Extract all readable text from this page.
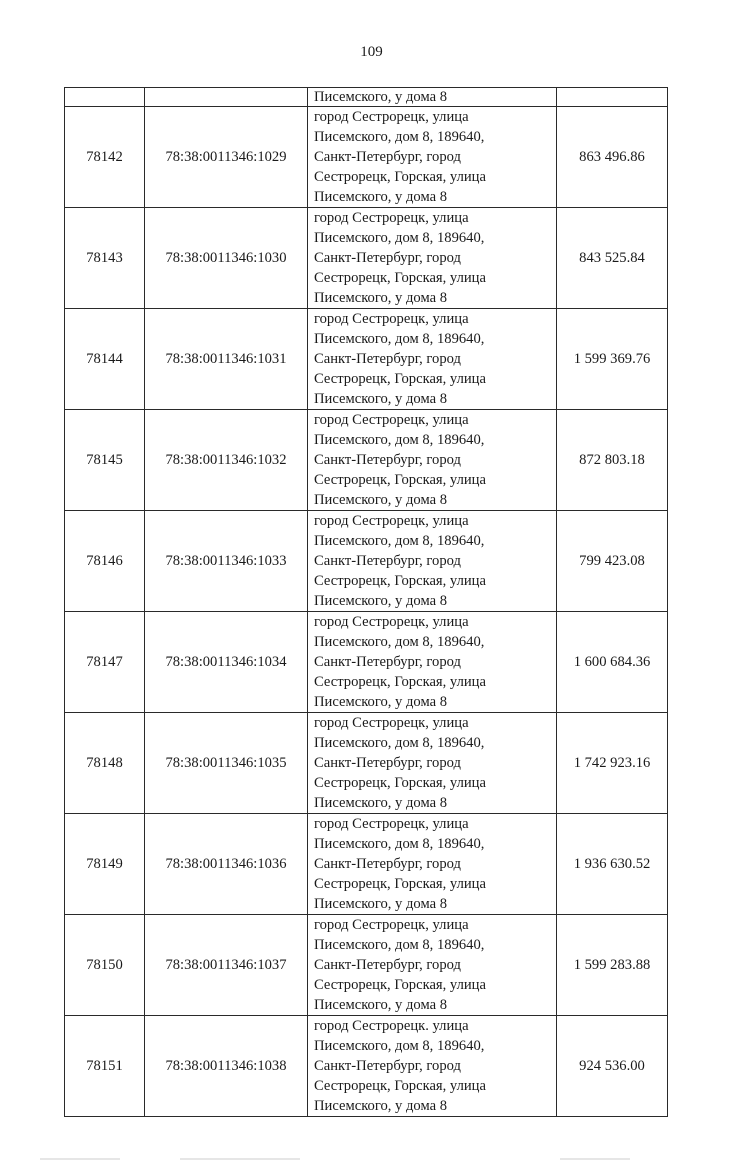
109
		Писемского, у дома 8	
78142	78:38:0011346:1029	город Сестрорецк, улица
Писемского, дом 8, 189640,
Санкт-Петербург, город
Сестрорецк, Горская, улица
Писемского, у дома 8	863 496.86
78143	78:38:0011346:1030	город Сестрорецк, улица
Писемского, дом 8, 189640,
Санкт-Петербург, город
Сестрорецк, Горская, улица
Писемского, у дома 8	843 525.84
78144	78:38:0011346:1031	город Сестрорецк, улица
Писемского, дом 8, 189640,
Санкт-Петербург, город
Сестрорецк, Горская, улица
Писемского, у дома 8	1 599 369.76
78145	78:38:0011346:1032	город Сестрорецк, улица
Писемского, дом 8, 189640,
Санкт-Петербург, город
Сестрорецк, Горская, улица
Писемского, у дома 8	872 803.18
78146	78:38:0011346:1033	город Сестрорецк, улица
Писемского, дом 8, 189640,
Санкт-Петербург, город
Сестрорецк, Горская, улица
Писемского, у дома 8	799 423.08
78147	78:38:0011346:1034	город Сестрорецк, улица
Писемского, дом 8, 189640,
Санкт-Петербург, город
Сестрорецк, Горская, улица
Писемского, у дома 8	1 600 684.36
78148	78:38:0011346:1035	город Сестрорецк, улица
Писемского, дом 8, 189640,
Санкт-Петербург, город
Сестрорецк, Горская, улица
Писемского, у дома 8	1 742 923.16
78149	78:38:0011346:1036	город Сестрорецк, улица
Писемского, дом 8, 189640,
Санкт-Петербург, город
Сестрорецк, Горская, улица
Писемского, у дома 8	1 936 630.52
78150	78:38:0011346:1037	город Сестрорецк, улица
Писемского, дом 8, 189640,
Санкт-Петербург, город
Сестрорецк, Горская, улица
Писемского, у дома 8	1 599 283.88
78151	78:38:0011346:1038	город Сестрорецк. улица
Писемского, дом 8, 189640,
Санкт-Петербург, город
Сестрорецк, Горская, улица
Писемского, у дома 8	924 536.00
